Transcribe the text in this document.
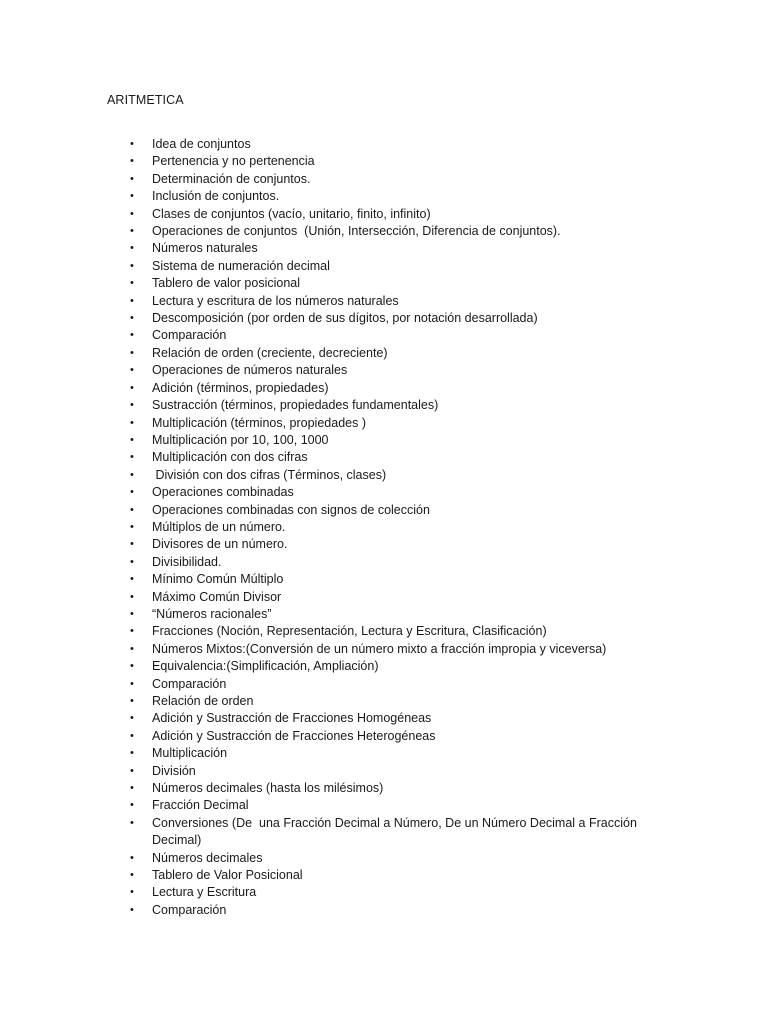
ARITMETICA
• Idea de conjuntos
• Pertenencia y no pertenencia
• Determinación de conjuntos.
• Inclusión de conjuntos.
• Clases de conjuntos (vacío, unitario, finito, infinito)
• Operaciones de conjuntos  (Unión, Intersección, Diferencia de conjuntos).
• Números naturales
• Sistema de numeración decimal
• Tablero de valor posicional
• Lectura y escritura de los números naturales
• Descomposición (por orden de sus dígitos, por notación desarrollada)
• Comparación
• Relación de orden (creciente, decreciente)
• Operaciones de números naturales
• Adición (términos, propiedades)
• Sustracción (términos, propiedades fundamentales)
• Multiplicación (términos, propiedades )
• Multiplicación por 10, 100, 1000
• Multiplicación con dos cifras
• División con dos cifras (Términos, clases)
• Operaciones combinadas
• Operaciones combinadas con signos de colección
• Múltiplos de un número.
• Divisores de un número.
• Divisibilidad.
• Mínimo Común Múltiplo
• Máximo Común Divisor
• “Números racionales”
• Fracciones (Noción, Representación, Lectura y Escritura, Clasificación)
• Números Mixtos:(Conversión de un número mixto a fracción impropia y viceversa)
• Equivalencia:(Simplificación, Ampliación)
• Comparación
• Relación de orden
• Adición y Sustracción de Fracciones Homogéneas
• Adición y Sustracción de Fracciones Heterogéneas
• Multiplicación
• División
• Números decimales (hasta los milésimos)
• Fracción Decimal
• Conversiones (De  una Fracción Decimal a Número, De un Número Decimal a Fracción Decimal)
• Números decimales
• Tablero de Valor Posicional
• Lectura y Escritura
• Comparación
